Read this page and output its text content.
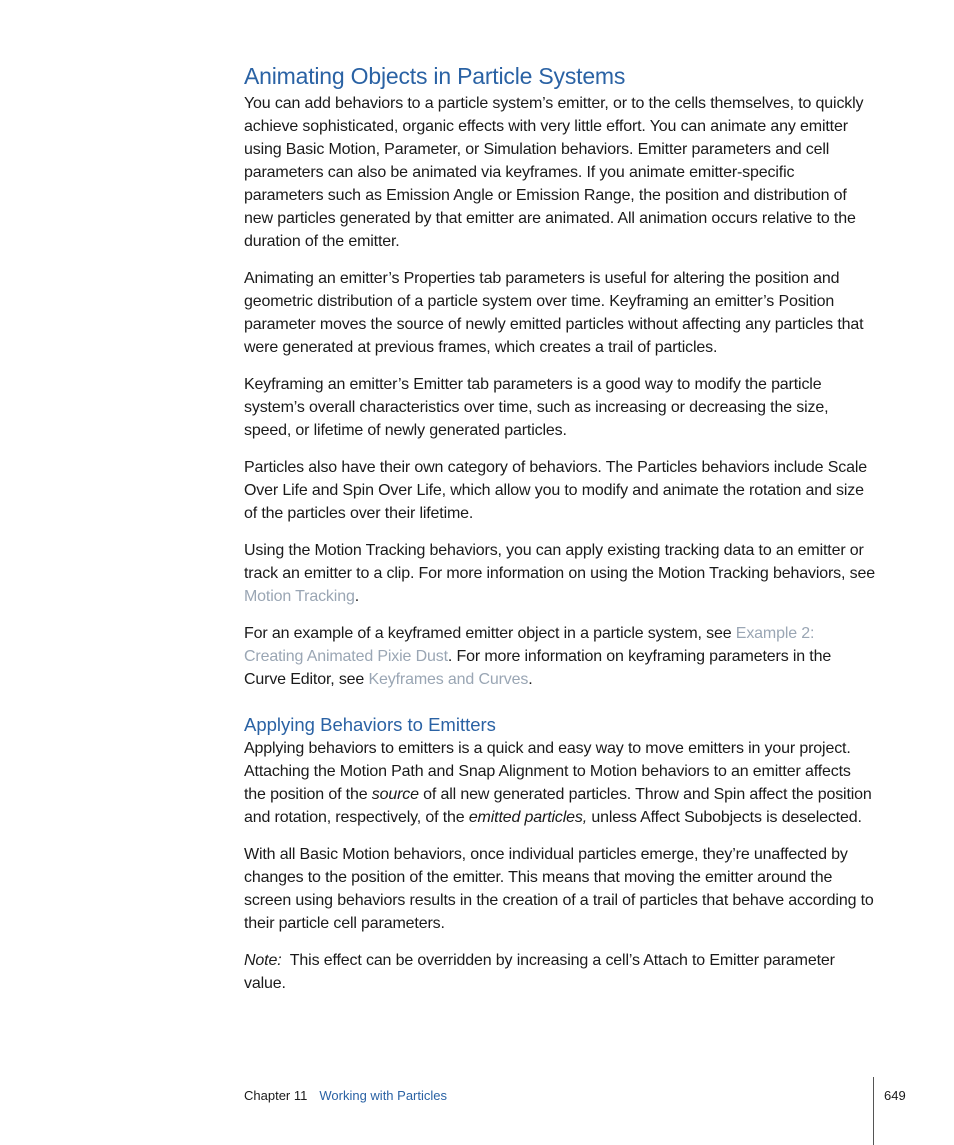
Animating Objects in Particle Systems

You can add behaviors to a particle system’s emitter, or to the cells themselves, to quickly achieve sophisticated, organic effects with very little effort. You can animate any emitter using Basic Motion, Parameter, or Simulation behaviors. Emitter parameters and cell parameters can also be animated via keyframes. If you animate emitter-specific parameters such as Emission Angle or Emission Range, the position and distribution of new particles generated by that emitter are animated. All animation occurs relative to the duration of the emitter.

Animating an emitter’s Properties tab parameters is useful for altering the position and geometric distribution of a particle system over time. Keyframing an emitter’s Position parameter moves the source of newly emitted particles without affecting any particles that were generated at previous frames, which creates a trail of particles.

Keyframing an emitter’s Emitter tab parameters is a good way to modify the particle system’s overall characteristics over time, such as increasing or decreasing the size, speed, or lifetime of newly generated particles.

Particles also have their own category of behaviors. The Particles behaviors include Scale Over Life and Spin Over Life, which allow you to modify and animate the rotation and size of the particles over their lifetime.

Using the Motion Tracking behaviors, you can apply existing tracking data to an emitter or track an emitter to a clip. For more information on using the Motion Tracking behaviors, see Motion Tracking.

For an example of a keyframed emitter object in a particle system, see Example 2: Creating Animated Pixie Dust. For more information on keyframing parameters in the Curve Editor, see Keyframes and Curves.

Applying Behaviors to Emitters

Applying behaviors to emitters is a quick and easy way to move emitters in your project. Attaching the Motion Path and Snap Alignment to Motion behaviors to an emitter affects the position of the source of all new generated particles. Throw and Spin affect the position and rotation, respectively, of the emitted particles, unless Affect Subobjects is deselected.

With all Basic Motion behaviors, once individual particles emerge, they’re unaffected by changes to the position of the emitter. This means that moving the emitter around the screen using behaviors results in the creation of a trail of particles that behave according to their particle cell parameters.

Note:  This effect can be overridden by increasing a cell’s Attach to Emitter parameter value.

Chapter 11 Working with Particles	649
